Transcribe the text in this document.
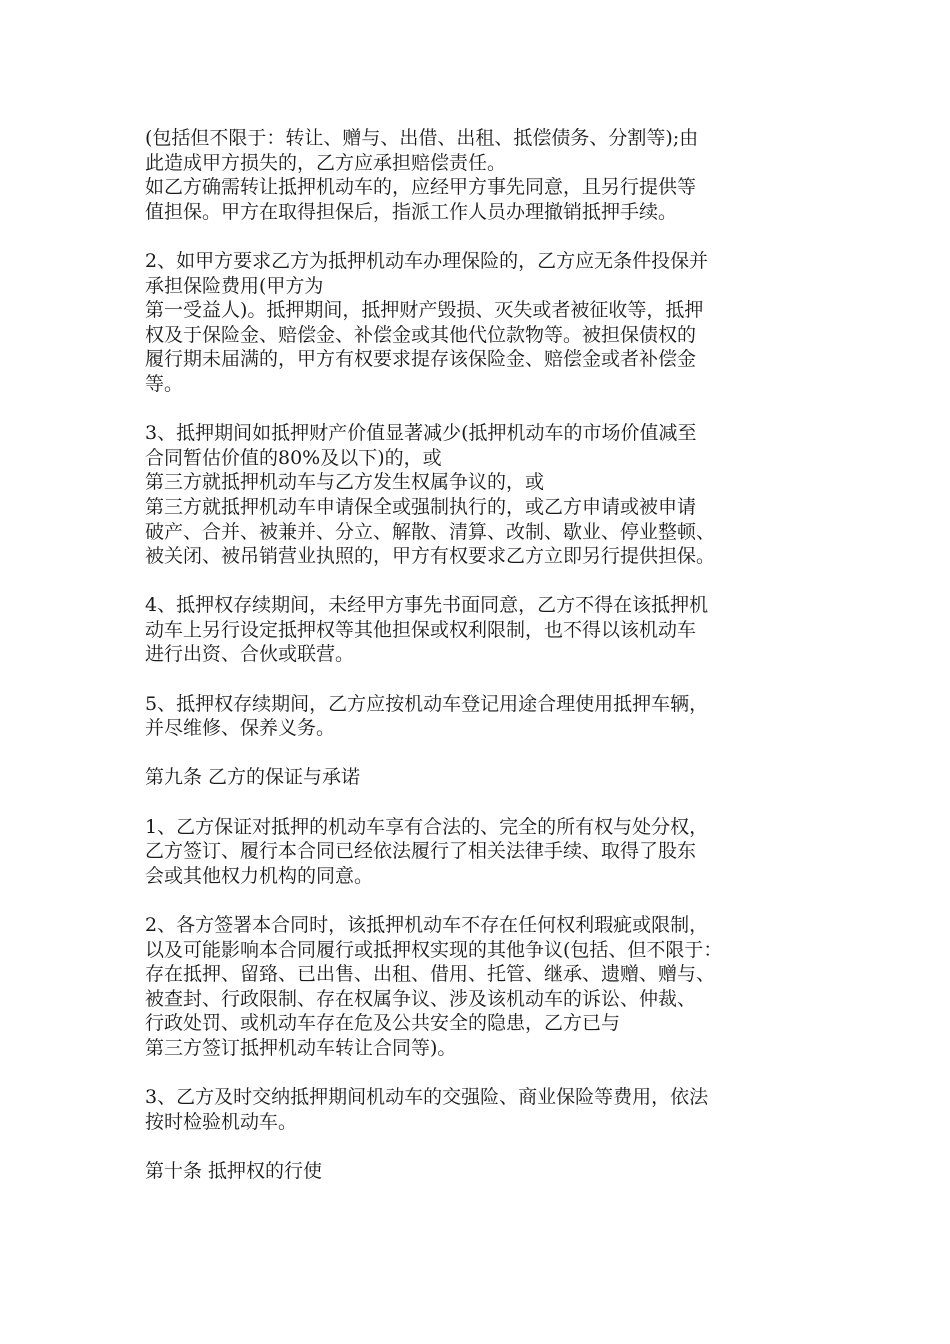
(包括但不限于：转让、赠与、出借、出租、抵偿债务、分割等);由
此造成甲方损失的，乙方应承担赔偿责任。
如乙方确需转让抵押机动车的，应经甲方事先同意，且另行提供等
值担保。甲方在取得担保后，指派工作人员办理撤销抵押手续。
2、如甲方要求乙方为抵押机动车办理保险的，乙方应无条件投保并
承担保险费用(甲方为
第一受益人)。抵押期间，抵押财产毁损、灭失或者被征收等，抵押
权及于保险金、赔偿金、补偿金或其他代位款物等。被担保债权的
履行期未届满的，甲方有权要求提存该保险金、赔偿金或者补偿金
等。
3、抵押期间如抵押财产价值显著减少(抵押机动车的市场价值减至
合同暂估价值的80%及以下)的，或
第三方就抵押机动车与乙方发生权属争议的，或
第三方就抵押机动车申请保全或强制执行的，或乙方申请或被申请
破产、合并、被兼并、分立、解散、清算、改制、歇业、停业整顿、
被关闭、被吊销营业执照的，甲方有权要求乙方立即另行提供担保。
4、抵押权存续期间，未经甲方事先书面同意，乙方不得在该抵押机
动车上另行设定抵押权等其他担保或权利限制，也不得以该机动车
进行出资、合伙或联营。
5、抵押权存续期间，乙方应按机动车登记用途合理使用抵押车辆，
并尽维修、保养义务。
第九条 乙方的保证与承诺
1、乙方保证对抵押的机动车享有合法的、完全的所有权与处分权，
乙方签订、履行本合同已经依法履行了相关法律手续、取得了股东
会或其他权力机构的同意。
2、各方签署本合同时，该抵押机动车不存在任何权利瑕疵或限制，
以及可能影响本合同履行或抵押权实现的其他争议(包括、但不限于：
存在抵押、留臵、已出售、出租、借用、托管、继承、遗赠、赠与、
被查封、行政限制、存在权属争议、涉及该机动车的诉讼、仲裁、
行政处罚、或机动车存在危及公共安全的隐患，乙方已与
第三方签订抵押机动车转让合同等)。
3、乙方及时交纳抵押期间机动车的交强险、商业保险等费用，依法
按时检验机动车。
第十条 抵押权的行使
